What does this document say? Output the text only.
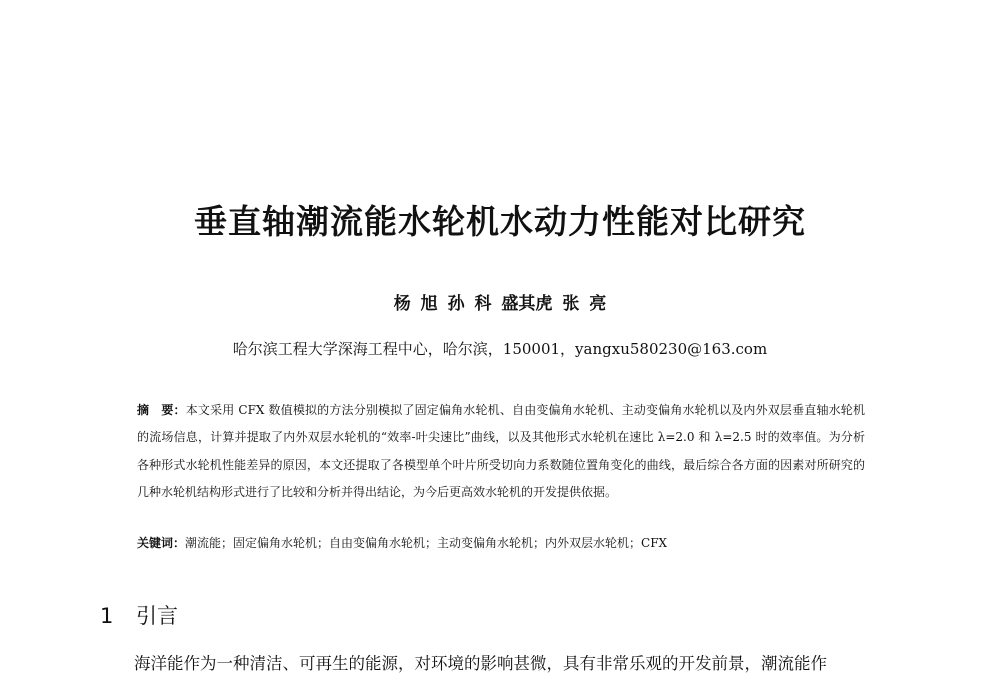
垂直轴潮流能水轮机水动力性能对比研究
杨 旭 孙 科 盛其虎 张 亮
哈尔滨工程大学深海工程中心，哈尔滨，150001，yangxu580230@163.com
摘　要：本文采用 CFX 数值模拟的方法分别模拟了固定偏角水轮机、自由变偏角水轮机、主动变偏角水轮机以及内外双层垂直轴水轮机的流场信息，计算并提取了内外双层水轮机的“效率-叶尖速比”曲线，以及其他形式水轮机在速比 λ=2.0 和 λ=2.5 时的效率值。为分析各种形式水轮机性能差异的原因，本文还提取了各模型单个叶片所受切向力系数随位置角变化的曲线，最后综合各方面的因素对所研究的几种水轮机结构形式进行了比较和分析并得出结论，为今后更高效水轮机的开发提供依据。
关键词：潮流能；固定偏角水轮机；自由变偏角水轮机；主动变偏角水轮机；内外双层水轮机；CFX
1 引言
海洋能作为一种清洁、可再生的能源，对环境的影响甚微，具有非常乐观的开发前景，潮流能作
